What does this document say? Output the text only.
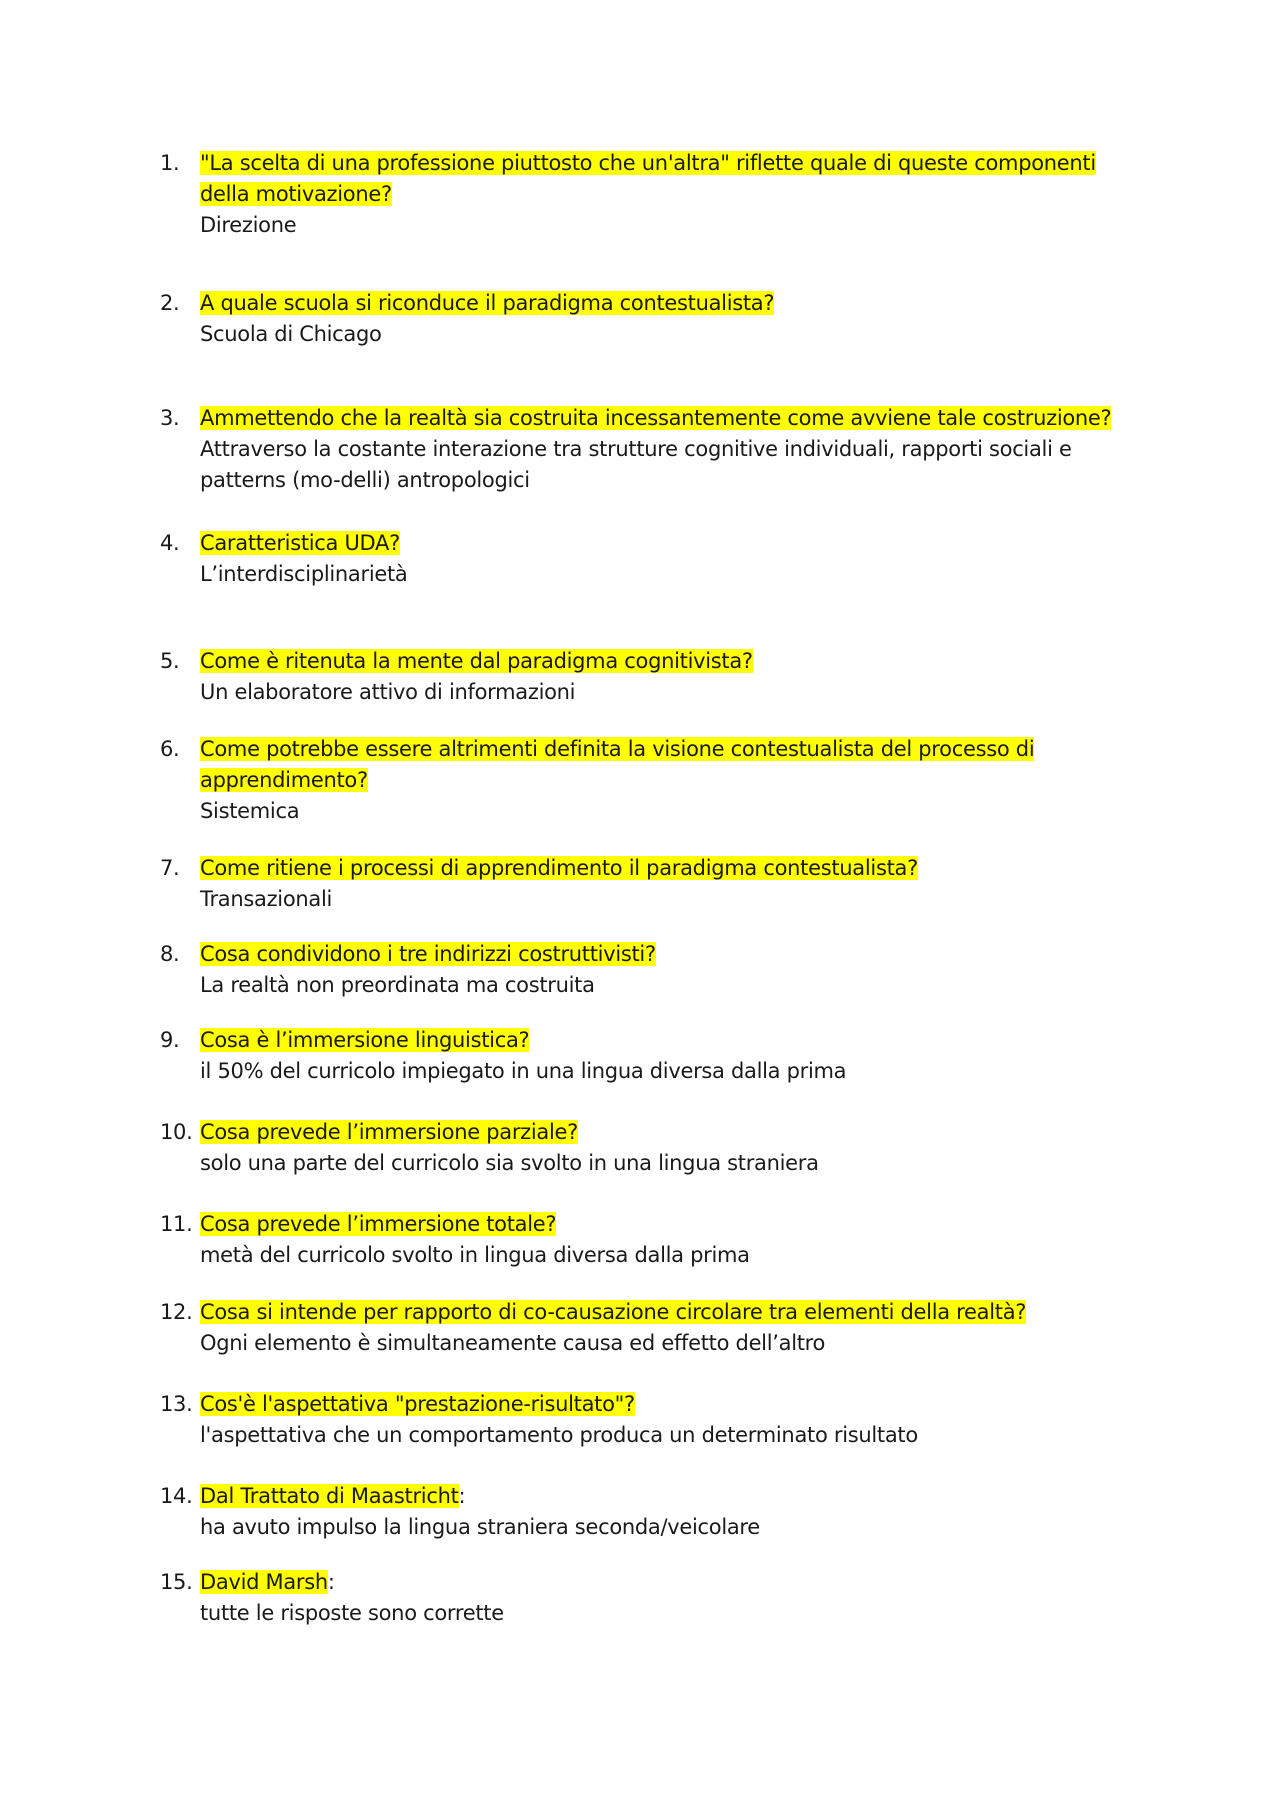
1. "La scelta di una professione piuttosto che un'altra" riflette quale di queste componenti della motivazione?
Direzione
2. A quale scuola si riconduce il paradigma contestualista?
Scuola di Chicago
3. Ammettendo che la realtà sia costruita incessantemente come avviene tale costruzione?
Attraverso la costante interazione tra strutture cognitive individuali, rapporti sociali e patterns (mo-delli) antropologici
4. Caratteristica UDA?
L’interdisciplinarietà
5. Come è ritenuta la mente dal paradigma cognitivista?
Un elaboratore attivo di informazioni
6. Come potrebbe essere altrimenti definita la visione contestualista del processo di apprendimento?
Sistemica
7. Come ritiene i processi di apprendimento il paradigma contestualista?
Transazionali
8. Cosa condividono i tre indirizzi costruttivisti?
La realtà non preordinata ma costruita
9. Cosa è l’immersione linguistica?
il 50% del curricolo impiegato in una lingua diversa dalla prima
10. Cosa prevede l’immersione parziale?
solo una parte del curricolo sia svolto in una lingua straniera
11. Cosa prevede l’immersione totale?
metà del curricolo svolto in lingua diversa dalla prima
12. Cosa si intende per rapporto di co-causazione circolare tra elementi della realtà?
Ogni elemento è simultaneamente causa ed effetto dell’altro
13. Cos'è l'aspettativa "prestazione-risultato"?
l'aspettativa che un comportamento produca un determinato risultato
14. Dal Trattato di Maastricht:
ha avuto impulso la lingua straniera seconda/veicolare
15. David Marsh:
tutte le risposte sono corrette
